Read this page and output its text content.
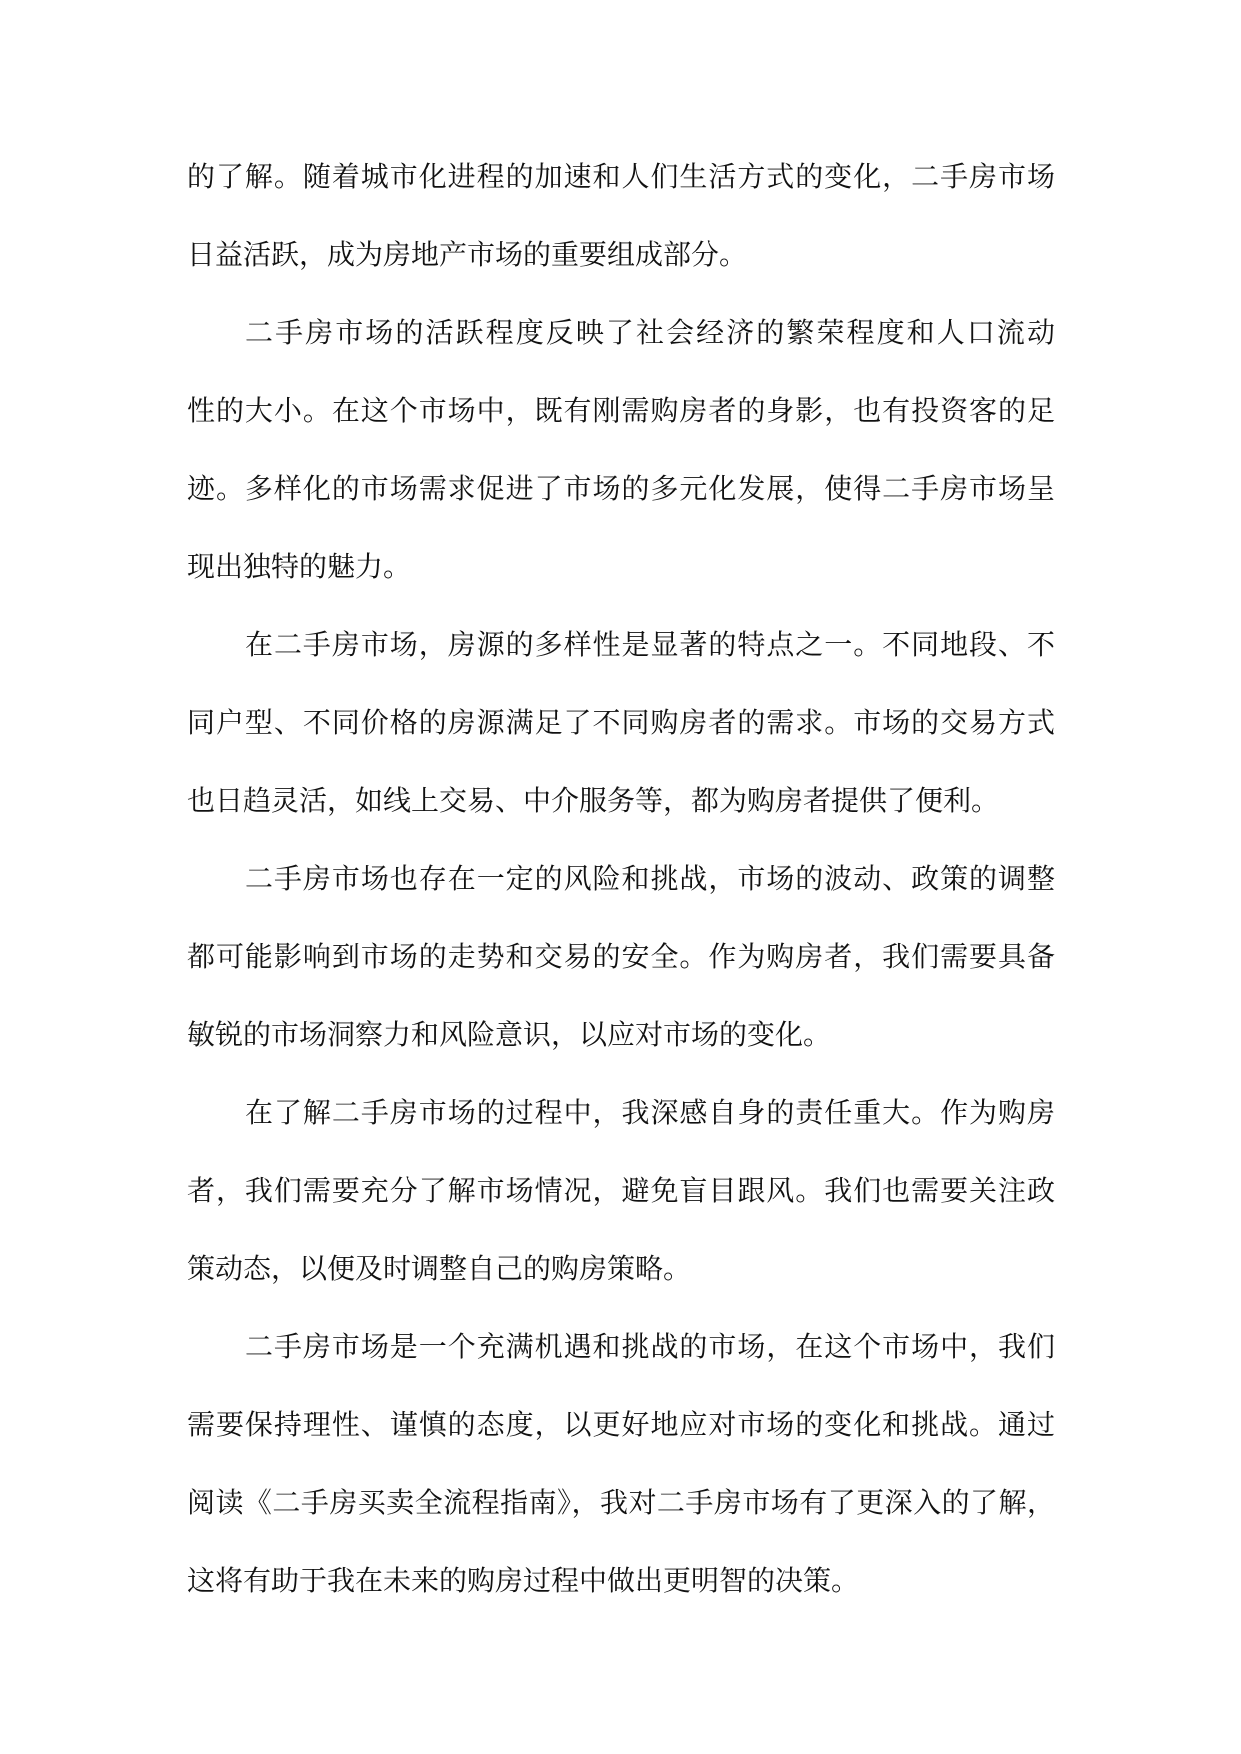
的了解。随着城市化进程的加速和人们生活方式的变化，二手房市场
日益活跃，成为房地产市场的重要组成部分。
二手房市场的活跃程度反映了社会经济的繁荣程度和人口流动
性的大小。在这个市场中，既有刚需购房者的身影，也有投资客的足
迹。多样化的市场需求促进了市场的多元化发展，使得二手房市场呈
现出独特的魅力。
在二手房市场，房源的多样性是显著的特点之一。不同地段、不
同户型、不同价格的房源满足了不同购房者的需求。市场的交易方式
也日趋灵活，如线上交易、中介服务等，都为购房者提供了便利。
二手房市场也存在一定的风险和挑战，市场的波动、政策的调整
都可能影响到市场的走势和交易的安全。作为购房者，我们需要具备
敏锐的市场洞察力和风险意识，以应对市场的变化。
在了解二手房市场的过程中，我深感自身的责任重大。作为购房
者，我们需要充分了解市场情况，避免盲目跟风。我们也需要关注政
策动态，以便及时调整自己的购房策略。
二手房市场是一个充满机遇和挑战的市场，在这个市场中，我们
需要保持理性、谨慎的态度，以更好地应对市场的变化和挑战。通过
阅读《二手房买卖全流程指南》，我对二手房市场有了更深入的了解，
这将有助于我在未来的购房过程中做出更明智的决策。
